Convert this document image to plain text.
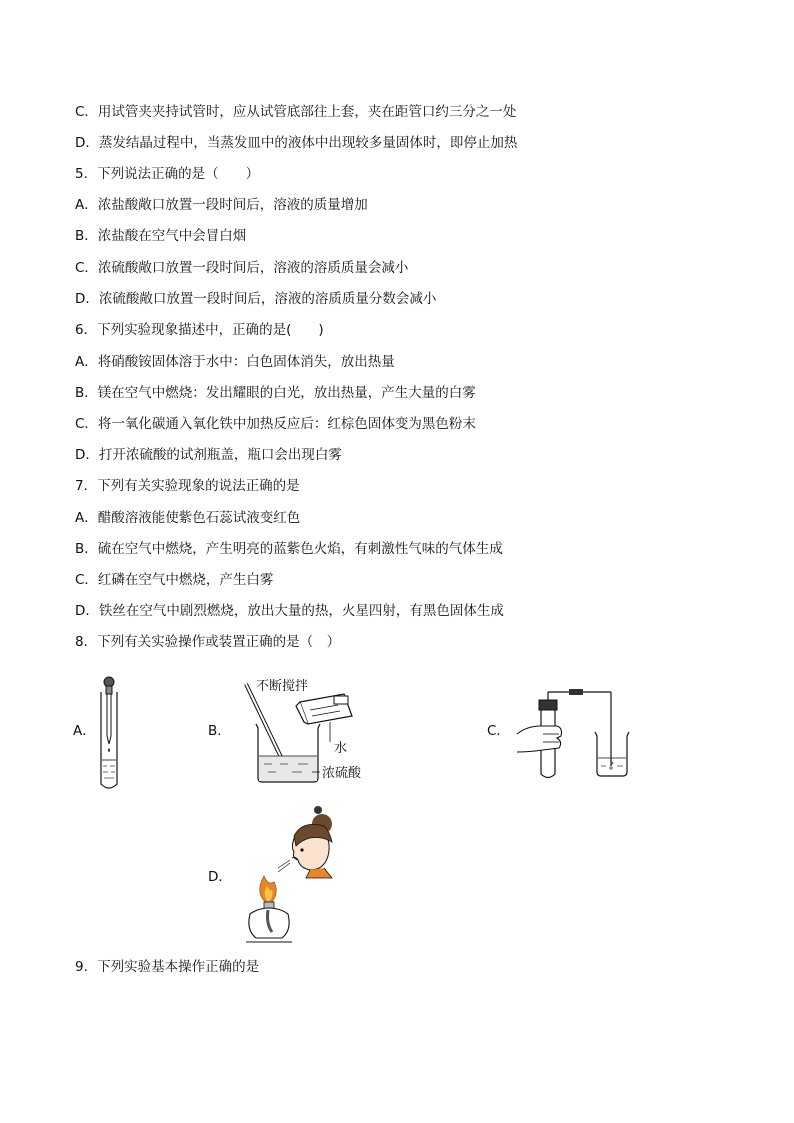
C．用试管夹夹持试管时，应从试管底部往上套，夹在距管口约三分之一处
D．蒸发结晶过程中，当蒸发皿中的液体中出现较多量固体时，即停止加热
5．下列说法正确的是（　　）
A．浓盐酸敞口放置一段时间后，溶液的质量增加
B．浓盐酸在空气中会冒白烟
C．浓硫酸敞口放置一段时间后，溶液的溶质质量会减小
D．浓硫酸敞口放置一段时间后，溶液的溶质质量分数会减小
6．下列实验现象描述中，正确的是(　　)
A．将硝酸铵固体溶于水中：白色固体消失，放出热量
B．镁在空气中燃烧：发出耀眼的白光，放出热量，产生大量的白雾
C．将一氧化碳通入氧化铁中加热反应后：红棕色固体变为黑色粉末
D．打开浓硫酸的试剂瓶盖，瓶口会出现白雾
7．下列有关实验现象的说法正确的是
A．醋酸溶液能使紫色石蕊试液变红色
B．硫在空气中燃烧，产生明亮的蓝紫色火焰，有刺激性气味的气体生成
C．红磷在空气中燃烧，产生白雾
D．铁丝在空气中剧烈燃烧，放出大量的热，火星四射，有黑色固体生成
8．下列有关实验操作或装置正确的是（　）
A．	B．	C．
D．
不断搅拌
水
浓硫酸
9．下列实验基本操作正确的是
